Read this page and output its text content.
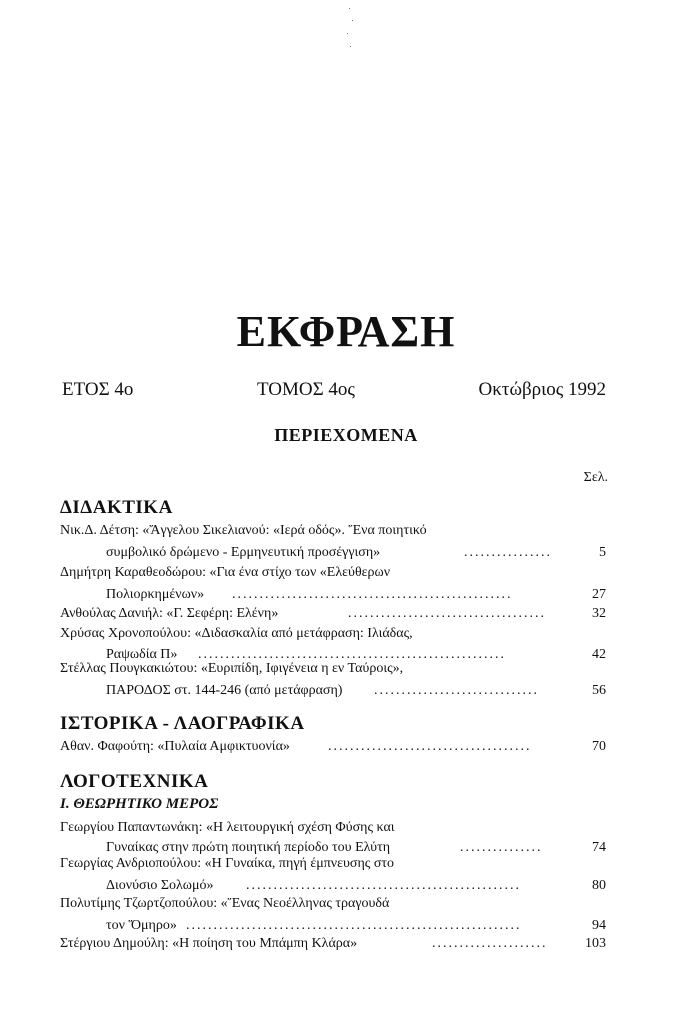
ΕΚΦΡΑΣΗ
ΕΤΟΣ 4ο	ΤΟΜΟΣ 4ος	Οκτώβριος 1992
ΠΕΡΙΕΧΟΜΕΝΑ
Σελ.
ΔΙΔΑΚΤΙΚΑ
Νικ.Δ. Δέτση: «Ἄγγελου Σικελιανού: «Ιερά οδός». Ἕνα ποιητικό
συμβολικό δρώμενο - Ερμηνευτική προσέγγιση»	................	5
Δημήτρη Καραθεοδώρου: «Για ένα στίχο των «Ελεύθερων
Πολιορκημένων» ...................................................	27
Ανθούλας Δανιήλ: «Γ. Σεφέρη: Ελένη»	....................................	32
Χρύσας Χρονοπούλου: «Διδασκαλία από μετάφραση: Ιλιάδας,
Ραψωδία Π» ........................................................	42
Στέλλας Πουγκακιώτου: «Ευριπίδη, Ιφιγένεια η εν Ταύροις»,
ΠΑΡΟΔΟΣ στ. 144-246 (από μετάφραση) ..............................	56
ΙΣΤΟΡΙΚΑ - ΛΑΟΓΡΑΦΙΚΑ
Αθαν. Φαφούτη: «Πυλαία Αμφικτυονία»	.....................................	70
ΛΟΓΟΤΕΧΝΙΚΑ
Ι. ΘΕΩΡΗΤΙΚΟ ΜΕΡΟΣ
Γεωργίου Παπαντωνάκη: «Η λειτουργική σχέση Φύσης και
Γυναίκας στην πρώτη ποιητική περίοδο του Ελύτη	...............	74
Γεωργίας Ανδριοπούλου: «Η Γυναίκα, πηγή έμπνευσης στο
Διονύσιο Σολωμό» ..................................................	80
Πολυτίμης Τζωρτζοπούλου: «Ἕνας Νεοέλληνας τραγουδά
τον Ὅμηρο» .............................................................	94
Στέργιου Δημούλη: «Η ποίηση του Μπάμπη Κλάρα»	.....................	103
